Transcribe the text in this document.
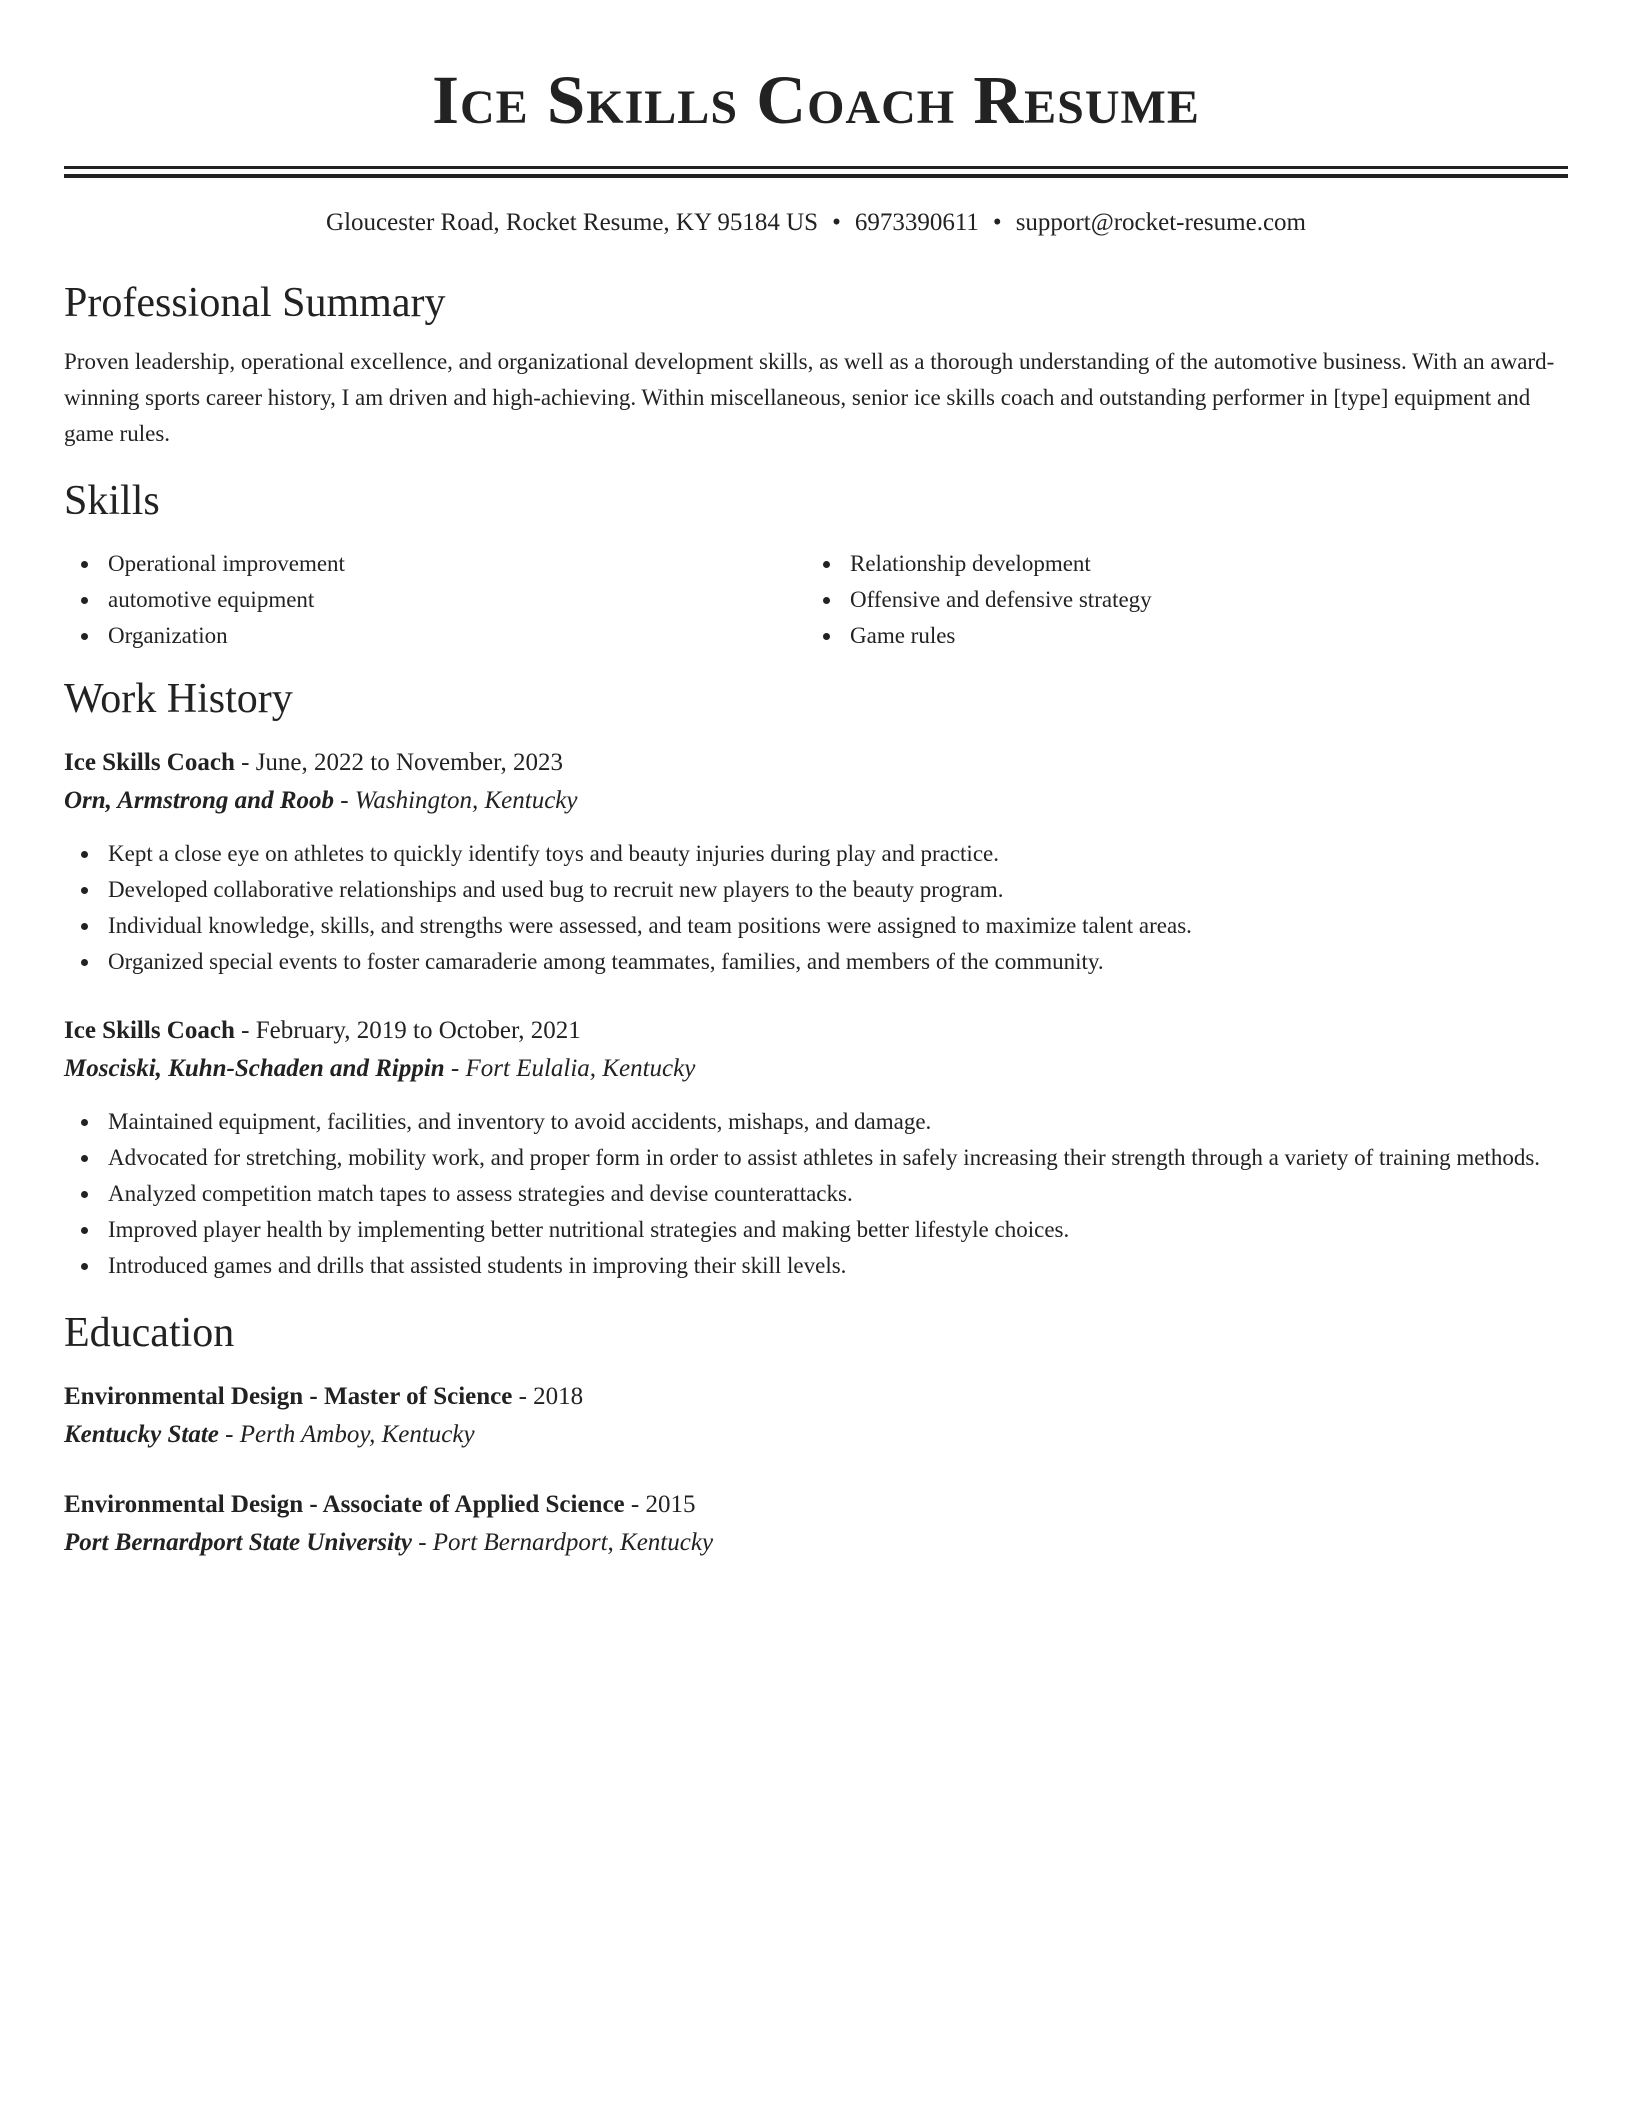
Ice Skills Coach Resume
Gloucester Road, Rocket Resume, KY 95184 US • 6973390611 • support@rocket-resume.com
Professional Summary
Proven leadership, operational excellence, and organizational development skills, as well as a thorough understanding of the automotive business. With an award-winning sports career history, I am driven and high-achieving. Within miscellaneous, senior ice skills coach and outstanding performer in [type] equipment and game rules.
Skills
Operational improvement
automotive equipment
Organization
Relationship development
Offensive and defensive strategy
Game rules
Work History
Ice Skills Coach - June, 2022 to November, 2023
Orn, Armstrong and Roob - Washington, Kentucky
Kept a close eye on athletes to quickly identify toys and beauty injuries during play and practice.
Developed collaborative relationships and used bug to recruit new players to the beauty program.
Individual knowledge, skills, and strengths were assessed, and team positions were assigned to maximize talent areas.
Organized special events to foster camaraderie among teammates, families, and members of the community.
Ice Skills Coach - February, 2019 to October, 2021
Mosciski, Kuhn-Schaden and Rippin - Fort Eulalia, Kentucky
Maintained equipment, facilities, and inventory to avoid accidents, mishaps, and damage.
Advocated for stretching, mobility work, and proper form in order to assist athletes in safely increasing their strength through a variety of training methods.
Analyzed competition match tapes to assess strategies and devise counterattacks.
Improved player health by implementing better nutritional strategies and making better lifestyle choices.
Introduced games and drills that assisted students in improving their skill levels.
Education
Environmental Design - Master of Science - 2018
Kentucky State - Perth Amboy, Kentucky
Environmental Design - Associate of Applied Science - 2015
Port Bernardport State University - Port Bernardport, Kentucky
